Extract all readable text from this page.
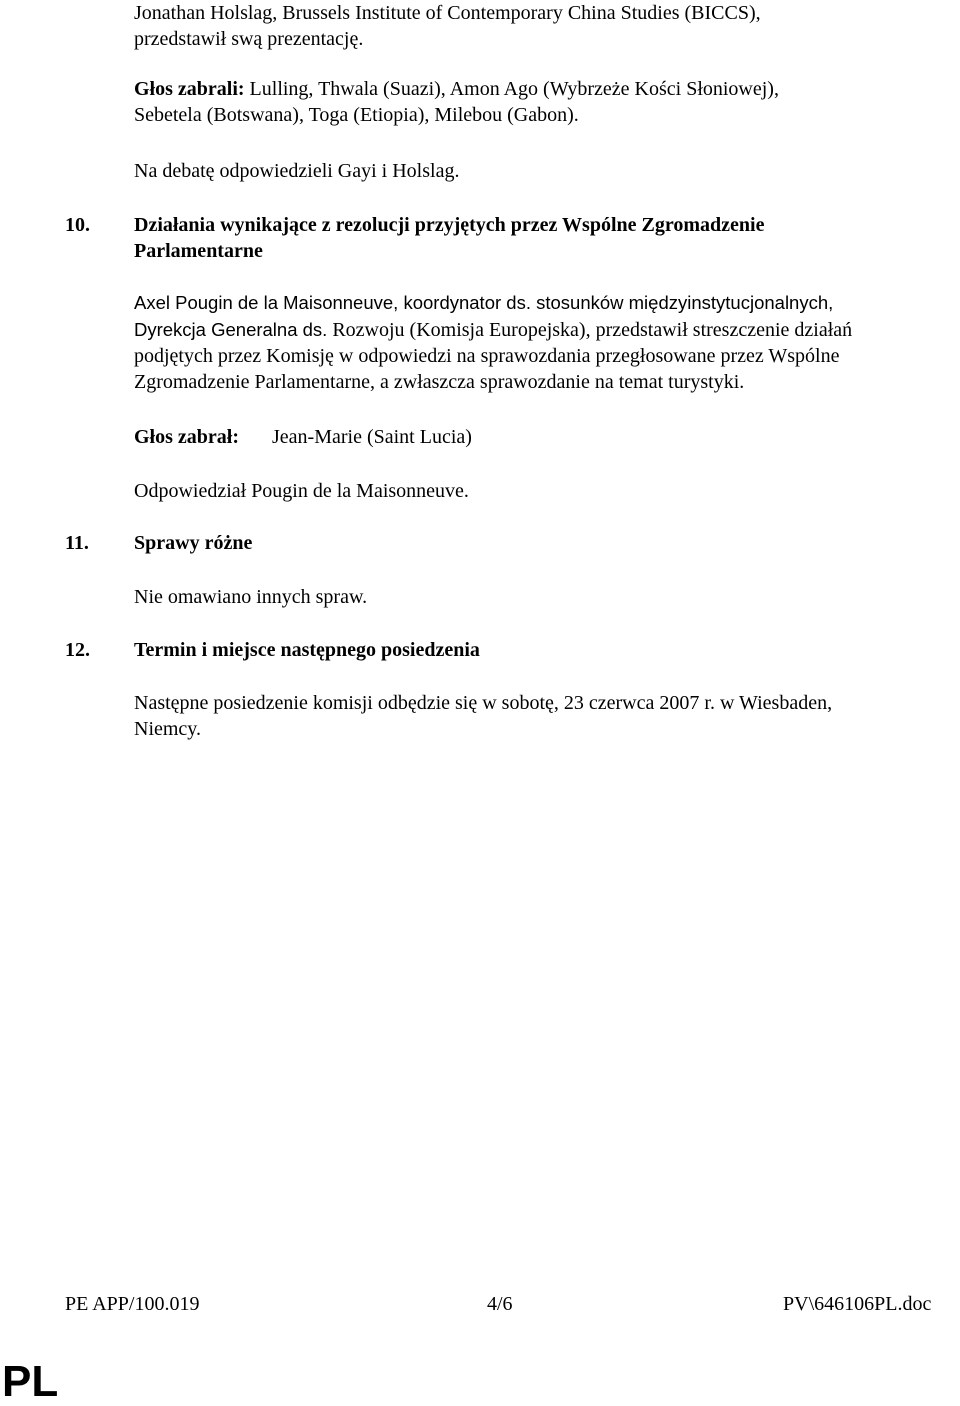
Jonathan Holslag, Brussels Institute of Contemporary China Studies (BICCS),
przedstawił swą prezentację.
Głos zabrali: Lulling, Thwala (Suazi), Amon Ago (Wybrzeże Kości Słoniowej),
Sebetela (Botswana), Toga (Etiopia), Milebou (Gabon).
Na debatę odpowiedzieli Gayi i Holslag.
10. Działania wynikające z rezolucji przyjętych przez Wspólne Zgromadzenie
Parlamentarne
Axel Pougin de la Maisonneuve, koordynator ds. stosunków międzyinstytucjonalnych,
Dyrekcja Generalna ds. Rozwoju (Komisja Europejska), przedstawił streszczenie działań
podjętych przez Komisję w odpowiedzi na sprawozdania przegłosowane przez Wspólne
Zgromadzenie Parlamentarne, a zwłaszcza sprawozdanie na temat turystyki.
Głos zabrał: Jean-Marie (Saint Lucia)
Odpowiedział Pougin de la Maisonneuve.
11. Sprawy różne
Nie omawiano innych spraw.
12. Termin i miejsce następnego posiedzenia
Następne posiedzenie komisji odbędzie się w sobotę, 23 czerwca 2007 r. w Wiesbaden,
Niemcy.
PE APP/100.019	4/6	PV\646106PL.doc
PL
